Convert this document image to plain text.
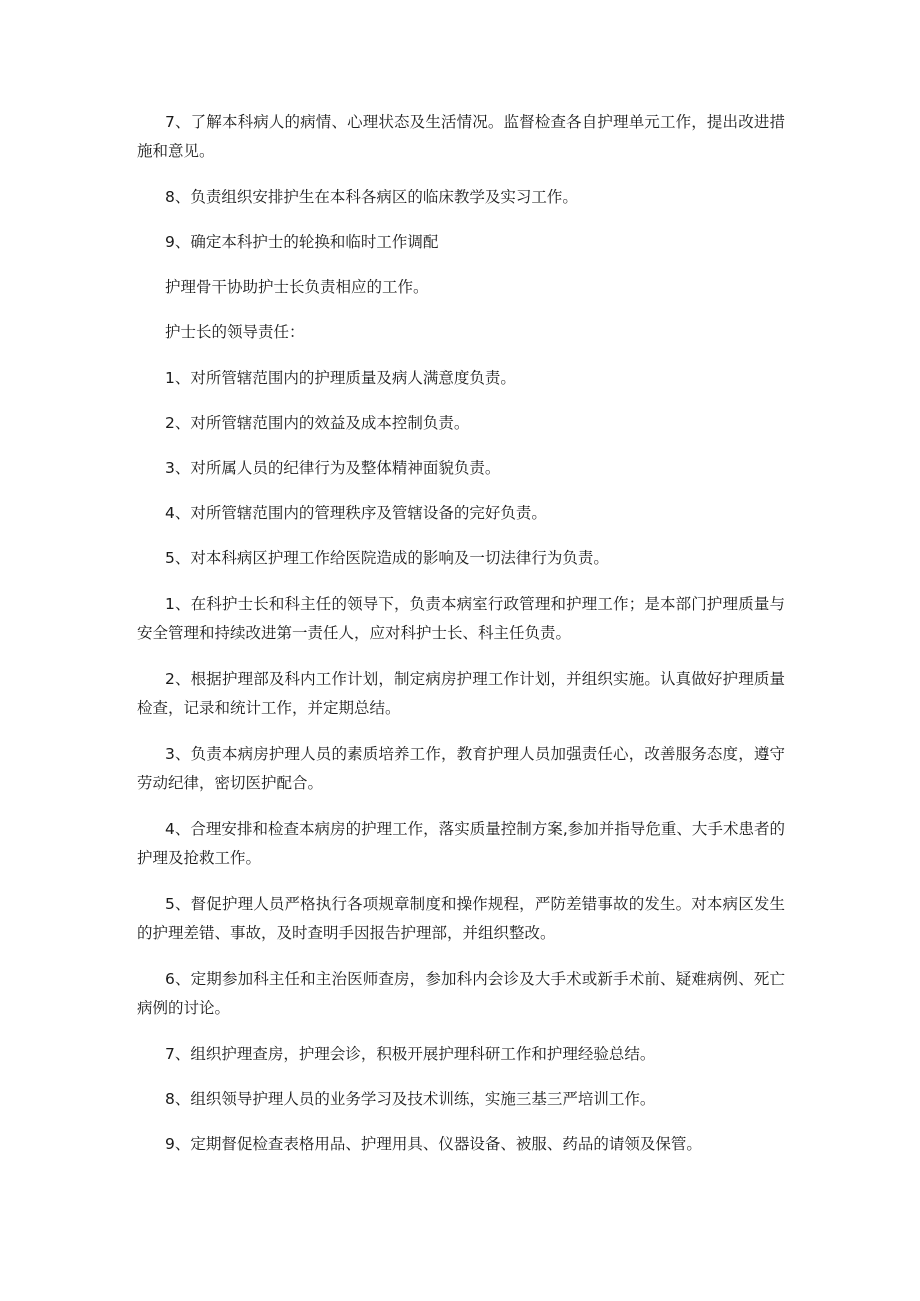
7、了解本科病人的病情、心理状态及生活情况。监督检查各自护理单元工作，提出改进措施和意见。

8、负责组织安排护生在本科各病区的临床教学及实习工作。

9、确定本科护士的轮换和临时工作调配

护理骨干协助护士长负责相应的工作。

护士长的领导责任：

1、对所管辖范围内的护理质量及病人满意度负责。

2、对所管辖范围内的效益及成本控制负责。

3、对所属人员的纪律行为及整体精神面貌负责。

4、对所管辖范围内的管理秩序及管辖设备的完好负责。

5、对本科病区护理工作给医院造成的影响及一切法律行为负责。

1、在科护士长和科主任的领导下，负责本病室行政管理和护理工作；是本部门护理质量与安全管理和持续改进第一责任人，应对科护士长、科主任负责。

2、根据护理部及科内工作计划，制定病房护理工作计划，并组织实施。认真做好护理质量检查，记录和统计工作，并定期总结。

3、负责本病房护理人员的素质培养工作，教育护理人员加强责任心，改善服务态度，遵守劳动纪律，密切医护配合。

4、合理安排和检查本病房的护理工作，落实质量控制方案,参加并指导危重、大手术患者的护理及抢救工作。

5、督促护理人员严格执行各项规章制度和操作规程，严防差错事故的发生。对本病区发生的护理差错、事故，及时查明手因报告护理部，并组织整改。

6、定期参加科主任和主治医师查房，参加科内会诊及大手术或新手术前、疑难病例、死亡病例的讨论。

7、组织护理查房，护理会诊，积极开展护理科研工作和护理经验总结。

8、组织领导护理人员的业务学习及技术训练，实施三基三严培训工作。

9、定期督促检查表格用品、护理用具、仪器设备、被服、药品的请领及保管。
